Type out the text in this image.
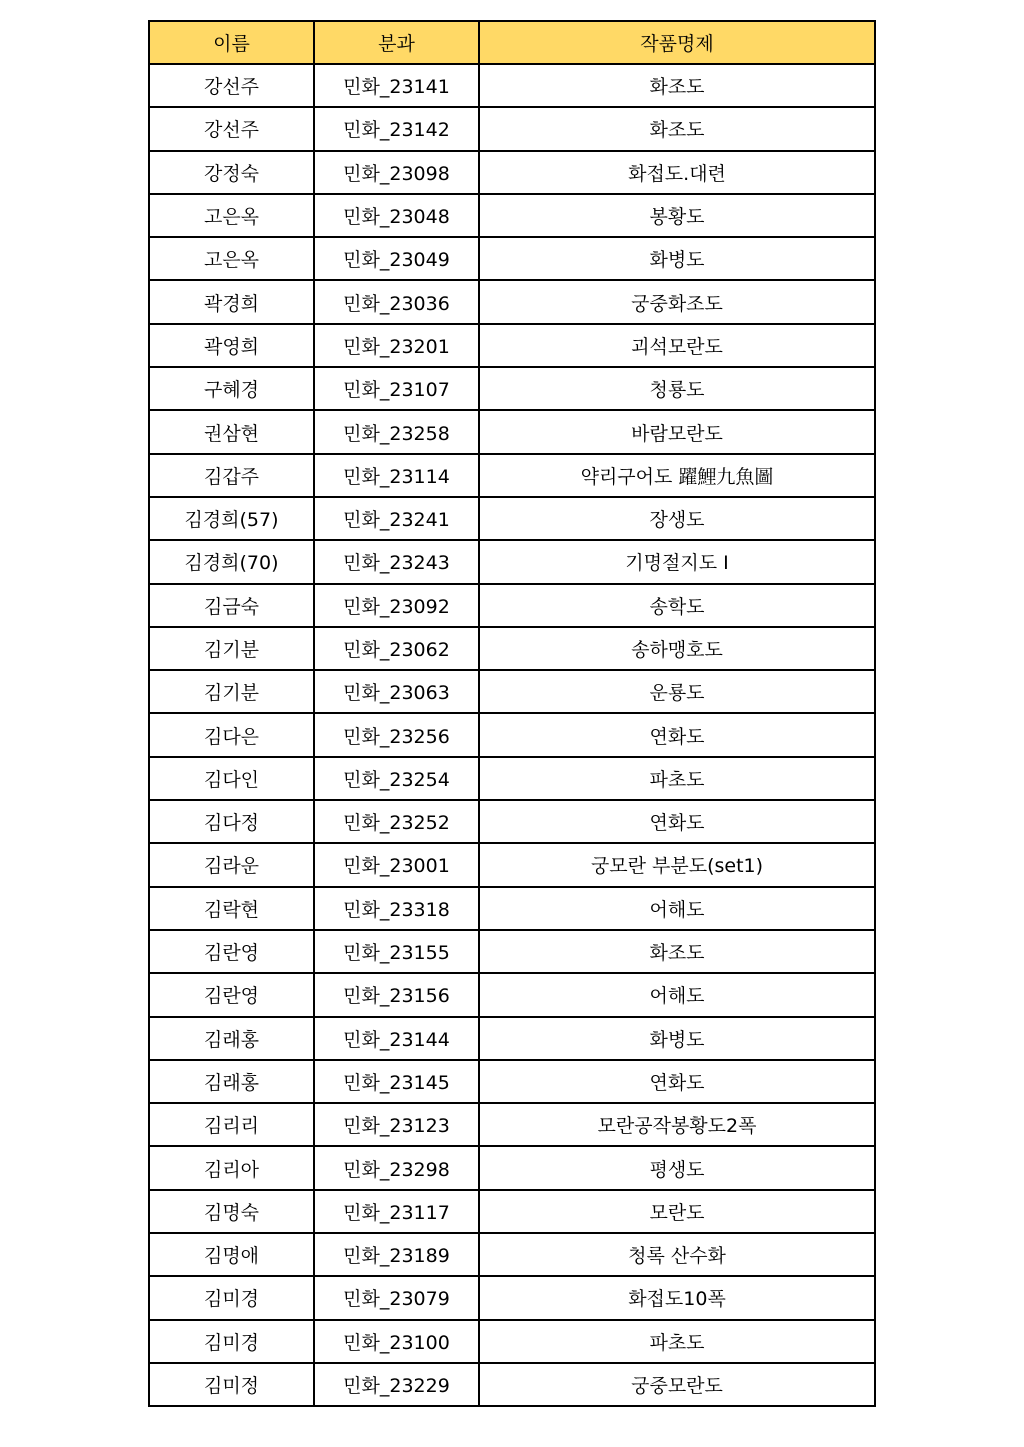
이름	분과	작품명제
강선주	민화_23141	화조도
강선주	민화_23142	화조도
강정숙	민화_23098	화접도.대련
고은옥	민화_23048	봉황도
고은옥	민화_23049	화병도
곽경희	민화_23036	궁중화조도
곽영희	민화_23201	괴석모란도
구혜경	민화_23107	청룡도
권삼현	민화_23258	바람모란도
김갑주	민화_23114	약리구어도 躍鯉九魚圖
김경희(57)	민화_23241	장생도
김경희(70)	민화_23243	기명절지도 Ⅰ
김금숙	민화_23092	송학도
김기분	민화_23062	송하맹호도
김기분	민화_23063	운룡도
김다은	민화_23256	연화도
김다인	민화_23254	파초도
김다정	민화_23252	연화도
김라운	민화_23001	궁모란 부분도(set1)
김락현	민화_23318	어해도
김란영	민화_23155	화조도
김란영	민화_23156	어해도
김래홍	민화_23144	화병도
김래홍	민화_23145	연화도
김리리	민화_23123	모란공작봉황도2폭
김리아	민화_23298	평생도
김명숙	민화_23117	모란도
김명애	민화_23189	청록 산수화
김미경	민화_23079	화접도10폭
김미경	민화_23100	파초도
김미정	민화_23229	궁중모란도
